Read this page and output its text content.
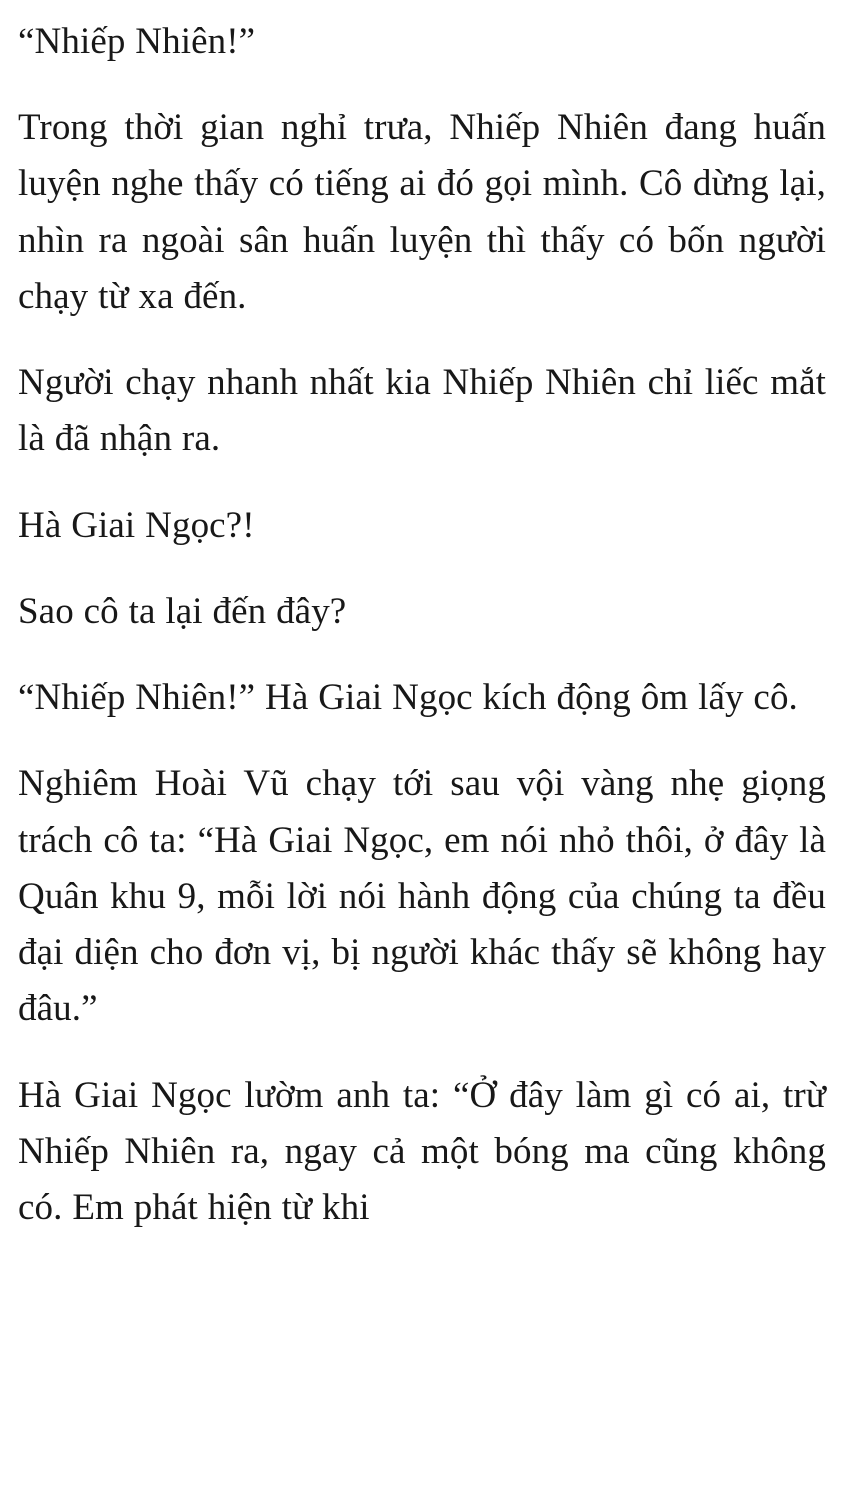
“Nhiếp Nhiên!”

Trong thời gian nghỉ trưa, Nhiếp Nhiên đang huấn luyện nghe thấy có tiếng ai đó gọi mình. Cô dừng lại, nhìn ra ngoài sân huấn luyện thì thấy có bốn người chạy từ xa đến.

Người chạy nhanh nhất kia Nhiếp Nhiên chỉ liếc mắt là đã nhận ra.

Hà Giai Ngọc?!

Sao cô ta lại đến đây?

“Nhiếp Nhiên!” Hà Giai Ngọc kích động ôm lấy cô.

Nghiêm Hoài Vũ chạy tới sau vội vàng nhẹ giọng trách cô ta: “Hà Giai Ngọc, em nói nhỏ thôi, ở đây là Quân khu 9, mỗi lời nói hành động của chúng ta đều đại diện cho đơn vị, bị người khác thấy sẽ không hay đâu.”

Hà Giai Ngọc lườm anh ta: “Ở đây làm gì có ai, trừ Nhiếp Nhiên ra, ngay cả một bóng ma cũng không có. Em phát hiện từ khi
